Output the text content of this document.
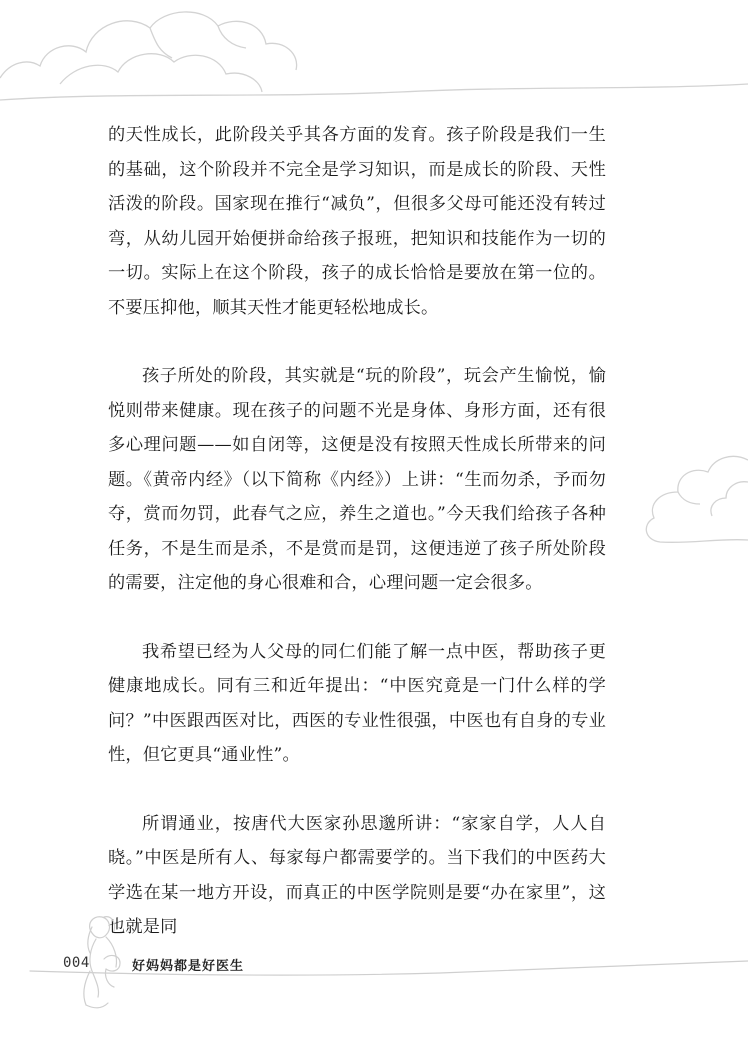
的天性成长，此阶段关乎其各方面的发育。孩子阶段是我们一生的基础，这个阶段并不完全是学习知识，而是成长的阶段、天性活泼的阶段。国家现在推行“减负”，但很多父母可能还没有转过弯，从幼儿园开始便拼命给孩子报班，把知识和技能作为一切的一切。实际上在这个阶段，孩子的成长恰恰是要放在第一位的。不要压抑他，顺其天性才能更轻松地成长。

孩子所处的阶段，其实就是“玩的阶段”，玩会产生愉悦，愉悦则带来健康。现在孩子的问题不光是身体、身形方面，还有很多心理问题——如自闭等，这便是没有按照天性成长所带来的问题。《黄帝内经》（以下简称《内经》）上讲：“生而勿杀，予而勿夺，赏而勿罚，此春气之应，养生之道也。”今天我们给孩子各种任务，不是生而是杀，不是赏而是罚，这便违逆了孩子所处阶段的需要，注定他的身心很难和合，心理问题一定会很多。

我希望已经为人父母的同仁们能了解一点中医，帮助孩子更健康地成长。同有三和近年提出：“中医究竟是一门什么样的学问？”中医跟西医对比，西医的专业性很强，中医也有自身的专业性，但它更具“通业性”。

所谓通业，按唐代大医家孙思邈所讲：“家家自学，人人自晓。”中医是所有人、每家每户都需要学的。当下我们的中医药大学选在某一地方开设，而真正的中医学院则是要“办在家里”，这也就是同

004	好妈妈都是好医生
